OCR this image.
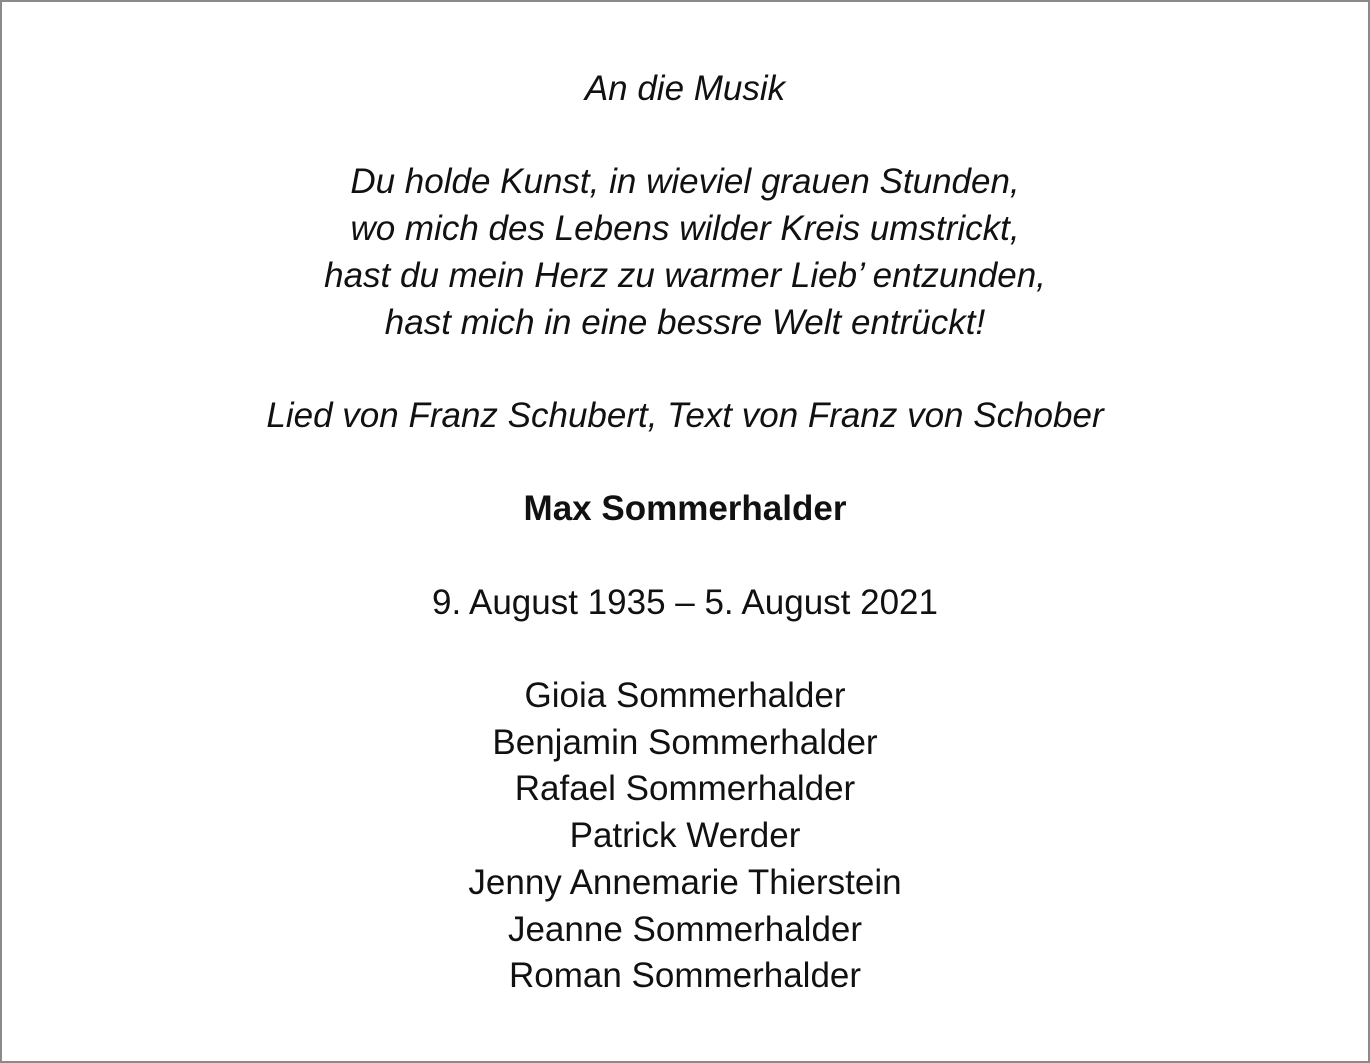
An die Musik

Du holde Kunst, in wieviel grauen Stunden,

wo mich des Lebens wilder Kreis umstrickt,

hast du mein Herz zu warmer Lieb’ entzunden,

hast mich in eine bessre Welt entrückt!

Lied von Franz Schubert, Text von Franz von Schober

Max Sommerhalder

9. August 1935 – 5. August 2021

Gioia Sommerhalder

Benjamin Sommerhalder

Rafael Sommerhalder

Patrick Werder

Jenny Annemarie Thierstein

Jeanne Sommerhalder

Roman Sommerhalder
